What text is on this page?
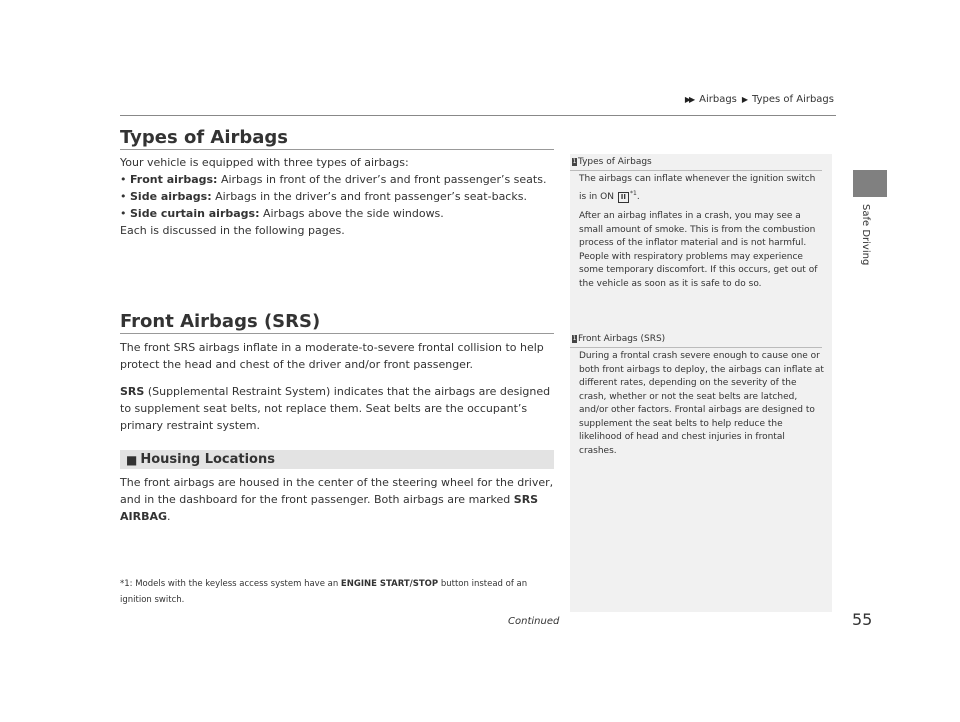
▶▶ Airbags ▶ Types of Airbags
Safe Driving
Types of Airbags
Your vehicle is equipped with three types of airbags:
• Front airbags: Airbags in front of the driver’s and front passenger’s seats.
• Side airbags: Airbags in the driver’s and front passenger’s seat-backs.
• Side curtain airbags: Airbags above the side windows.
Each is discussed in the following pages.
Front Airbags (SRS)
The front SRS airbags inflate in a moderate-to-severe frontal collision to help protect the head and chest of the driver and/or front passenger.
SRS (Supplemental Restraint System) indicates that the airbags are designed to supplement seat belts, not replace them. Seat belts are the occupant’s primary restraint system.
■ Housing Locations
The front airbags are housed in the center of the steering wheel for the driver, and in the dashboard for the front passenger. Both airbags are marked SRS AIRBAG.
*1: Models with the keyless access system have an ENGINE START/STOP button instead of an ignition switch.
1 Types of Airbags

The airbags can inflate whenever the ignition switch is in ON II $^{*1}$.

After an airbag inflates in a crash, you may see a small amount of smoke. This is from the combustion process of the inflator material and is not harmful. People with respiratory problems may experience some temporary discomfort. If this occurs, get out of the vehicle as soon as it is safe to do so.

1 Front Airbags (SRS)

During a frontal crash severe enough to cause one or both front airbags to deploy, the airbags can inflate at different rates, depending on the severity of the crash, whether or not the seat belts are latched, and/or other factors. Frontal airbags are designed to supplement the seat belts to help reduce the likelihood of head and chest injuries in frontal crashes.

Continued	55
